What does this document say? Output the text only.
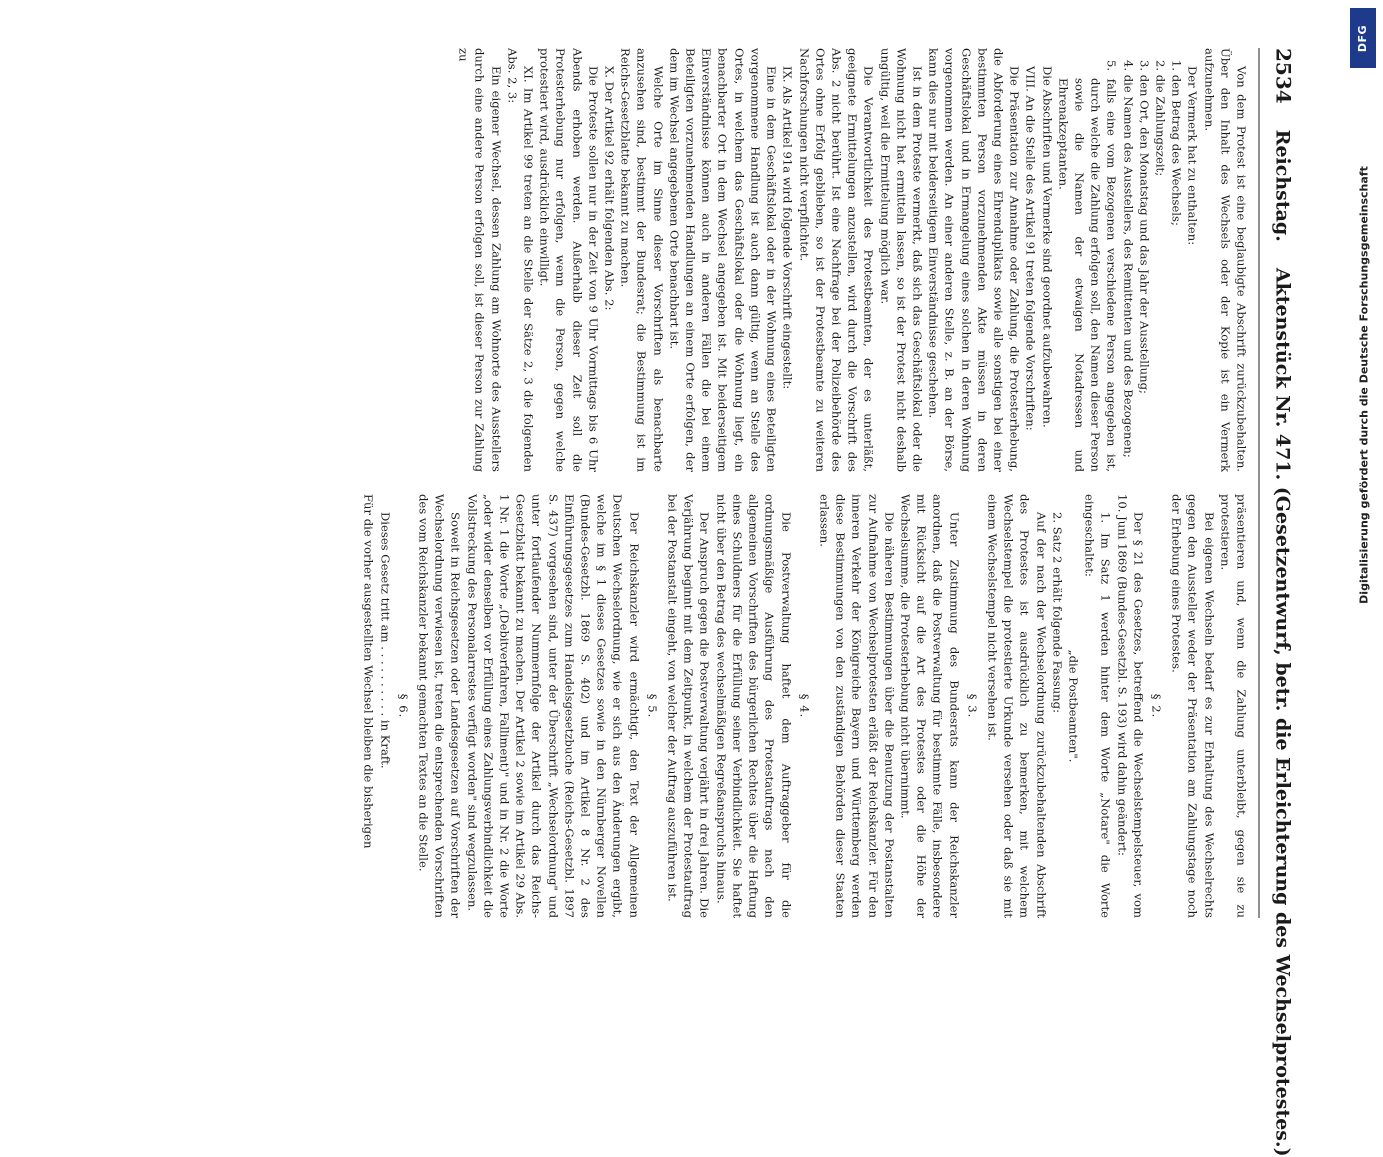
2534
Reichstag.
Aktenstück Nr. 471. (Gesetzentwurf, betr. die Erleichterung des Wechselprotestes.)

Von dem Protest ist eine beglaubigte Abschrift zurückzubehalten. Über den Inhalt des Wechsels oder der Kopie ist ein Vermerk aufzunehmen.

Der Vermerk hat zu enthalten:

1. den Betrag des Wechsels;

2. die Zahlungszeit;

3. den Ort, den Monatstag und das Jahr der Ausstellung;

4. die Namen des Ausstellers, des Remittenten und des Bezogenen;

5. falls eine vom Bezogenen verschiedene Person angegeben ist, durch welche die Zahlung erfolgen soll, den Namen dieser Person sowie die Namen der etwaigen Notadressen und Ehrenakzeptanten.

Die Abschriften und Vermerke sind geordnet aufzubewahren.

VIII. An die Stelle des Artikel 91 treten folgende Vorschriften:

Die Präsentation zur Annahme oder Zahlung, die Protesterhebung, die Abforderung eines Ehrenduplikats sowie alle sonstigen bei einer bestimmten Person vorzunehmenden Akte müssen in deren Geschäftslokal und in Ermangelung eines solchen in deren Wohnung vorgenommen werden. An einer anderen Stelle, z. B. an der Börse, kann dies nur mit beiderseitigem Einverständnisse geschehen.

Ist in dem Proteste vermerkt, daß sich das Geschäftslokal oder die Wohnung nicht hat ermitteln lassen, so ist der Protest nicht deshalb ungültig, weil die Ermittelung möglich war.

Die Verantwortlichkeit des Protestbeamten, der es unterläßt, geeignete Ermittelungen anzustellen, wird durch die Vorschrift des Abs. 2 nicht berührt. Ist eine Nachfrage bei der Polizeibehörde des Ortes ohne Erfolg geblieben, so ist der Protestbeamte zu weiteren Nachforschungen nicht verpflichtet.

IX. Als Artikel 91a wird folgende Vorschrift eingestellt:

Eine in dem Geschäftslokal oder in der Wohnung eines Beteiligten vorgenommene Handlung ist auch dann gültig, wenn an Stelle des Ortes, in welchem das Geschäftslokal oder die Wohnung liegt, ein benachbarter Ort in dem Wechsel angegeben ist. Mit beiderseitigem Einverständnisse können auch in anderen Fällen die bei einem Beteiligten vorzunehmenden Handlungen an einem Orte erfolgen, der dem im Wechsel angegebenen Orte benachbart ist.

Welche Orte im Sinne dieser Vorschriften als benachbarte anzusehen sind, bestimmt der Bundesrat; die Bestimmung ist im Reichs-Gesetzblatte bekannt zu machen.

X. Der Artikel 92 erhält folgenden Abs. 2:

Die Proteste sollen nur in der Zeit von 9 Uhr Vormittags bis 6 Uhr Abends erhoben werden. Außerhalb dieser Zeit soll die Protesterhebung nur erfolgen, wenn die Person, gegen welche protestiert wird, ausdrücklich einwilligt.

XI. Im Artikel 99 treten an die Stelle der Sätze 2, 3 die folgenden Abs. 2, 3:

Ein eigener Wechsel, dessen Zahlung am Wohnorte des Ausstellers durch eine andere Person erfolgen soll, ist dieser Person zur Zahlung zu

präsentieren und, wenn die Zahlung unterbleibt, gegen sie zu protestieren.

Bei eigenen Wechseln bedarf es zur Erhaltung des Wechselrechts gegen den Aussteller weder der Präsentation am Zahlungstage noch der Erhebung eines Protestes.

§ 2.

Der § 21 des Gesetzes, betreffend die Wechselstempelsteuer, vom 10. Juni 1869 (Bundes-Gesetzbl. S. 193) wird dahin geändert:

1. Im Satz 1 werden hinter dem Worte „Notare" die Worte eingeschaltet:

„die Postbeamten".

2. Satz 2 erhält folgende Fassung:

Auf der nach der Wechselordnung zurückzubehaltenden Abschrift des Protestes ist ausdrücklich zu bemerken, mit welchem Wechselstempel die protestierte Urkunde versehen oder daß sie mit einem Wechselstempel nicht versehen ist.

§ 3.

Unter Zustimmung des Bundesrats kann der Reichskanzler anordnen, daß die Postverwaltung für bestimmte Fälle, insbesondere mit Rücksicht auf die Art des Protestes oder die Höhe der Wechselsumme, die Protesterhebung nicht übernimmt.

Die näheren Bestimmungen über die Benutzung der Postanstalten zur Aufnahme von Wechselprotesten erläßt der Reichskanzler. Für den inneren Verkehr der Königreiche Bayern und Württemberg werden diese Bestimmungen von den zuständigen Behörden dieser Staaten erlassen.

§ 4.

Die Postverwaltung haftet dem Auftraggeber für die ordnungsmäßige Ausführung des Protestauftrags nach den allgemeinen Vorschriften des bürgerlichen Rechtes über die Haftung eines Schuldners für die Erfüllung seiner Verbindlichkeit. Sie haftet nicht über den Betrag des wechselmäßigen Regreßanspruchs hinaus.

Der Anspruch gegen die Postverwaltung verjährt in drei Jahren. Die Verjährung beginnt mit dem Zeitpunkt, in welchem der Protestauftrag bei der Postanstalt eingeht, von welcher der Auftrag auszuführen ist.

§ 5.

Der Reichskanzler wird ermächtigt, den Text der Allgemeinen Deutschen Wechselordnung, wie er sich aus den Änderungen ergibt, welche im § 1 dieses Gesetzes sowie in den Nürnberger Novellen (Bundes-Gesetzbl. 1869 S. 402) und im Artikel 8 Nr. 2 des Einführungsgesetzes zum Handelsgesetzbuche (Reichs-Gesetzbl. 1897 S. 437) vorgesehen sind, unter der Überschrift „Wechselordnung" und unter fortlaufender Nummernfolge der Artikel durch das Reichs-Gesetzblatt bekannt zu machen. Der Artikel 2 sowie im Artikel 29 Abs. 1 Nr. 1 die Worte „(Debitverfahren, Falliment)" und in Nr. 2 die Worte „oder wider denselben vor Erfüllung eines Zahlungsverbindlichkeit die Vollstreckung des Personalarrestes verfügt worden" sind wegzulassen.

Soweit in Reichsgesetzen oder Landesgesetzen auf Vorschriften der Wechselordnung verwiesen ist, treten die entsprechenden Vorschriften des vom Reichskanzler bekannt gemachten Textes an die Stelle.

§ 6.

Dieses Gesetz tritt am . . . . . . . . . . in Kraft.

Für die vorher ausgestellten Wechsel bleiben die bisherigen

DFG
Digitalisierung gefördert durch die Deutsche Forschungsgemeinschaft
